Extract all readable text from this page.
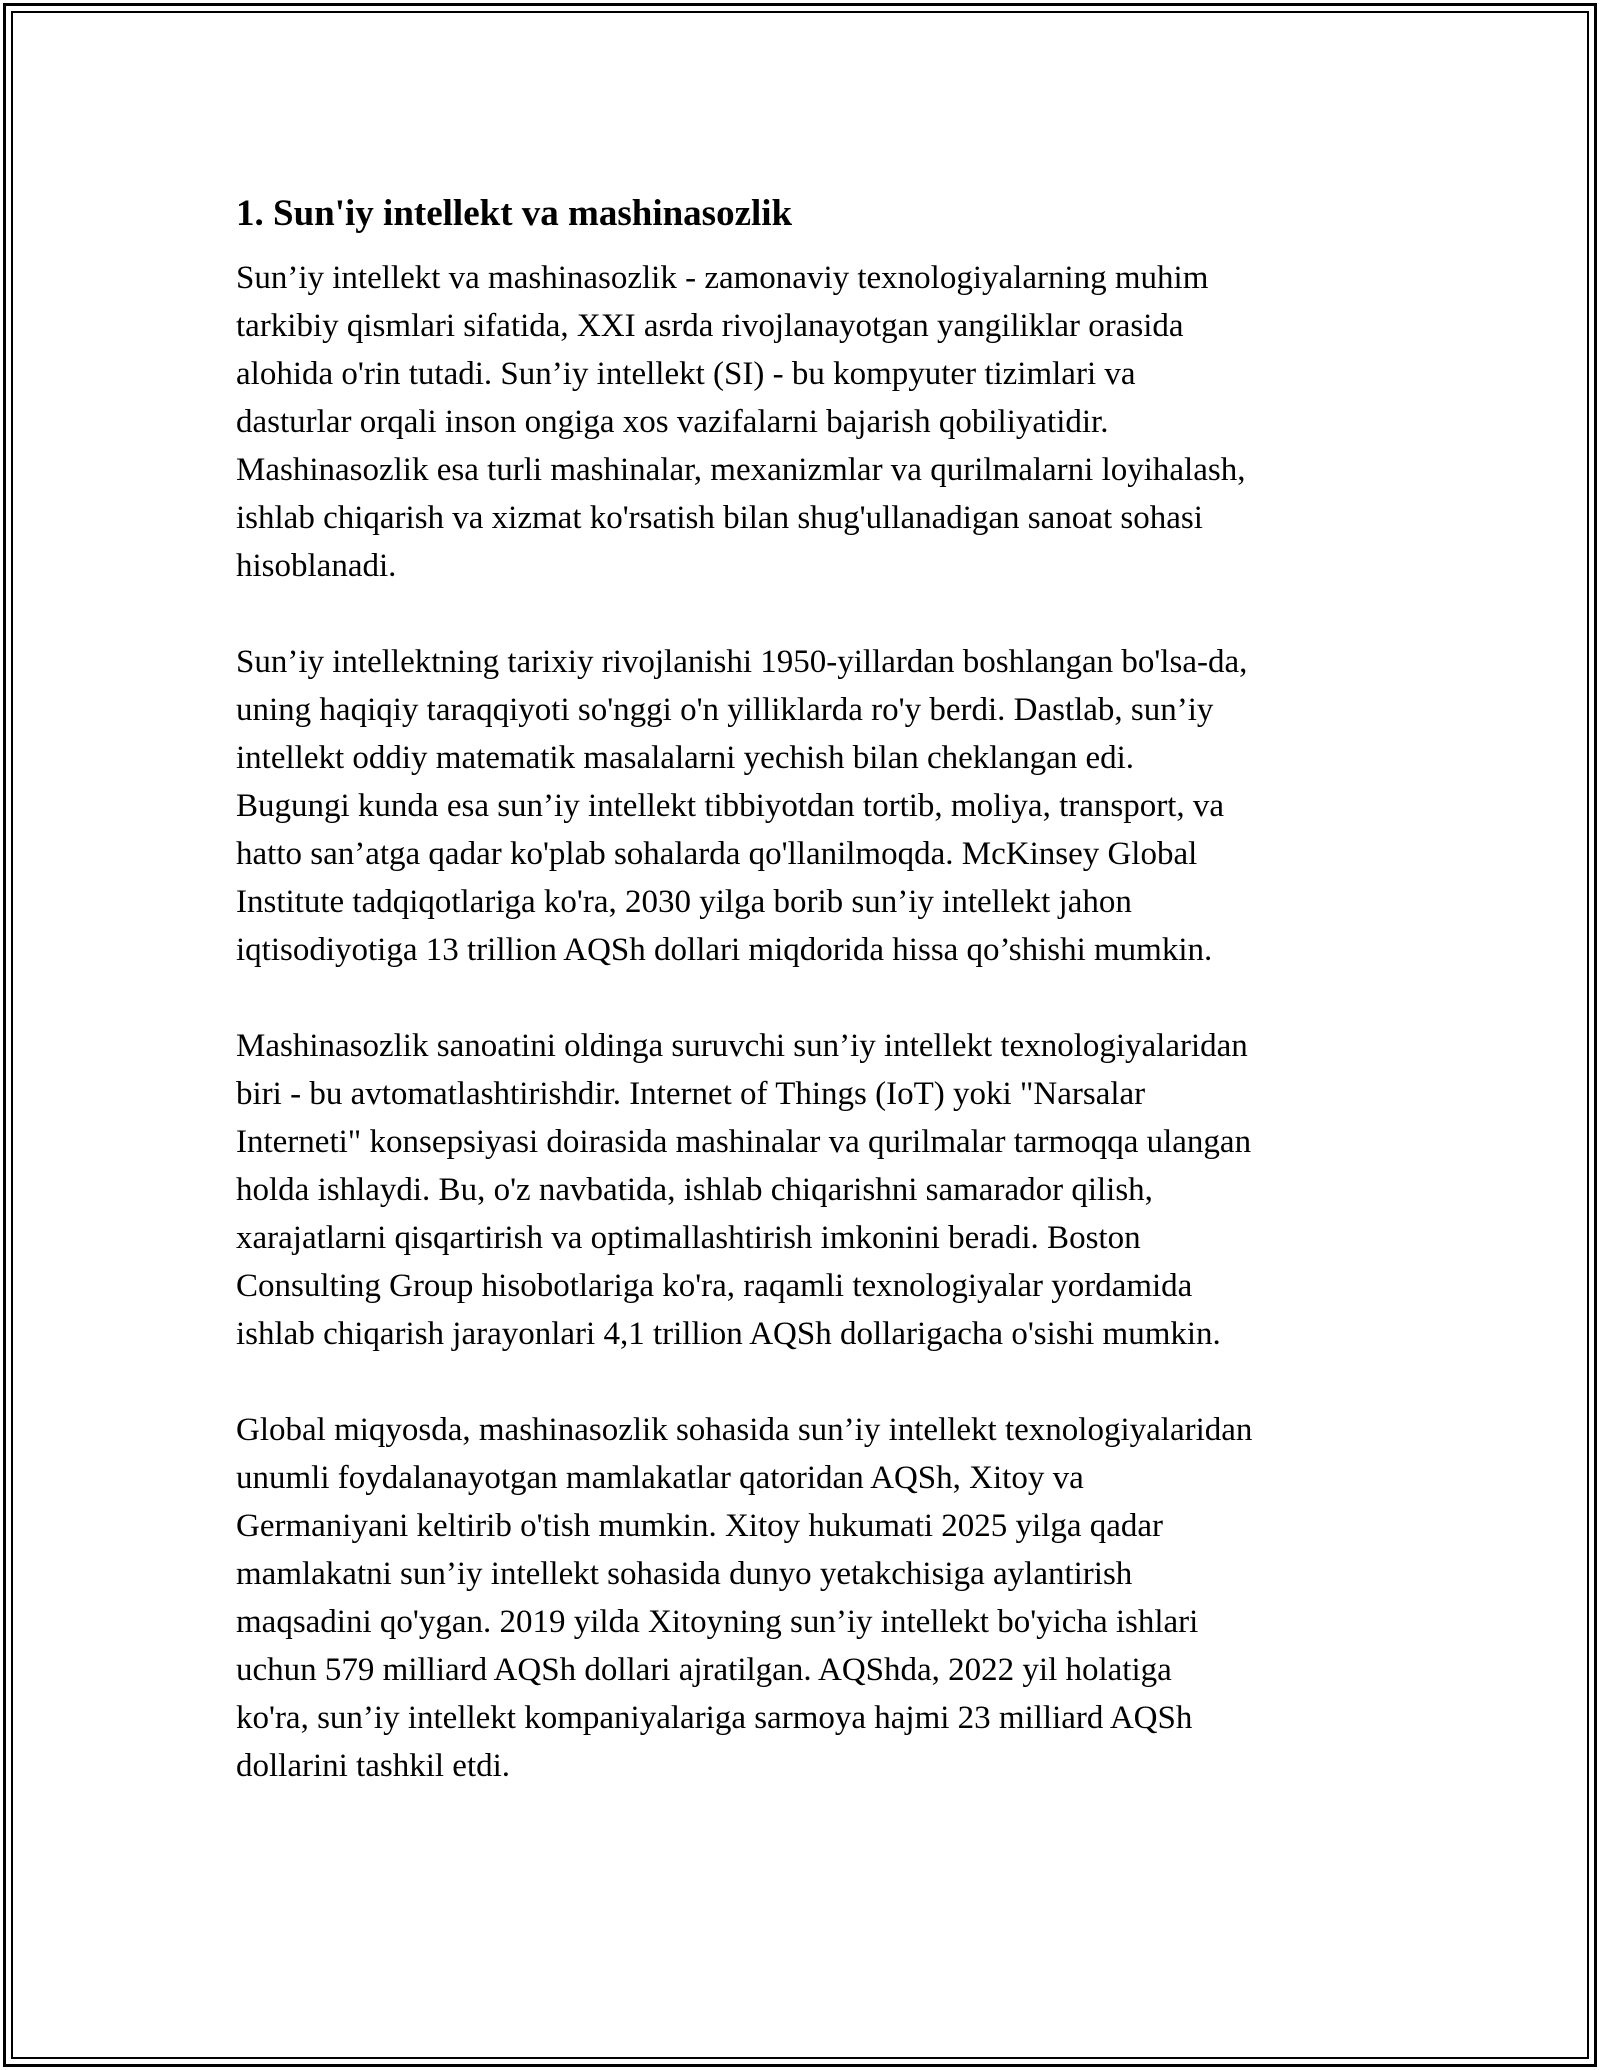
1. Sun'iy intellekt va mashinasozlik

Sun’iy intellekt va mashinasozlik - zamonaviy texnologiyalarning muhim
tarkibiy qismlari sifatida, XXI asrda rivojlanayotgan yangiliklar orasida
alohida o'rin tutadi. Sun’iy intellekt (SI) - bu kompyuter tizimlari va
dasturlar orqali inson ongiga xos vazifalarni bajarish qobiliyatidir.
Mashinasozlik esa turli mashinalar, mexanizmlar va qurilmalarni loyihalash,
ishlab chiqarish va xizmat ko'rsatish bilan shug'ullanadigan sanoat sohasi
hisoblanadi.

Sun’iy intellektning tarixiy rivojlanishi 1950-yillardan boshlangan bo'lsa-da,
uning haqiqiy taraqqiyoti so'nggi o'n yilliklarda ro'y berdi. Dastlab, sun’iy
intellekt oddiy matematik masalalarni yechish bilan cheklangan edi.
Bugungi kunda esa sun’iy intellekt tibbiyotdan tortib, moliya, transport, va
hatto san’atga qadar ko'plab sohalarda qo'llanilmoqda. McKinsey Global
Institute tadqiqotlariga ko'ra, 2030 yilga borib sun’iy intellekt jahon
iqtisodiyotiga 13 trillion AQSh dollari miqdorida hissa qo’shishi mumkin.

Mashinasozlik sanoatini oldinga suruvchi sun’iy intellekt texnologiyalaridan
biri - bu avtomatlashtirishdir. Internet of Things (IoT) yoki "Narsalar
Interneti" konsepsiyasi doirasida mashinalar va qurilmalar tarmoqqa ulangan
holda ishlaydi. Bu, o'z navbatida, ishlab chiqarishni samarador qilish,
xarajatlarni qisqartirish va optimallashtirish imkonini beradi. Boston
Consulting Group hisobotlariga ko'ra, raqamli texnologiyalar yordamida
ishlab chiqarish jarayonlari 4,1 trillion AQSh dollarigacha o'sishi mumkin.

Global miqyosda, mashinasozlik sohasida sun’iy intellekt texnologiyalaridan
unumli foydalanayotgan mamlakatlar qatoridan AQSh, Xitoy va
Germaniyani keltirib o'tish mumkin. Xitoy hukumati 2025 yilga qadar
mamlakatni sun’iy intellekt sohasida dunyo yetakchisiga aylantirish
maqsadini qo'ygan. 2019 yilda Xitoyning sun’iy intellekt bo'yicha ishlari
uchun 579 milliard AQSh dollari ajratilgan. AQShda, 2022 yil holatiga
ko'ra, sun’iy intellekt kompaniyalariga sarmoya hajmi 23 milliard AQSh
dollarini tashkil etdi.
